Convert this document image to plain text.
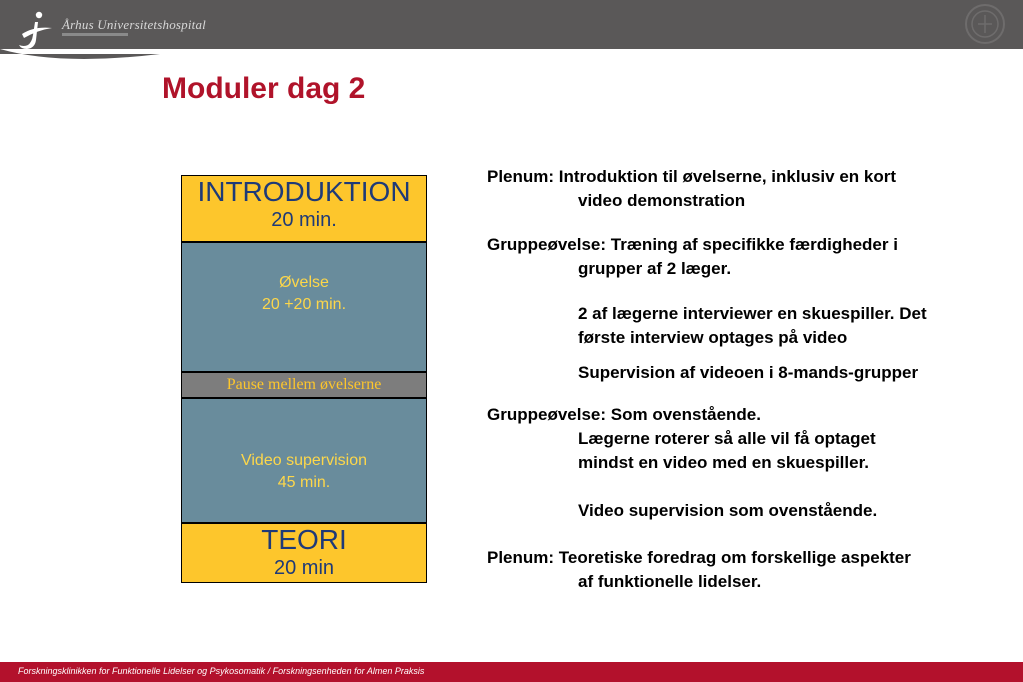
Århus Universitetshospital
Moduler dag 2
INTRODUKTION
20 min.
Øvelse
20 +20 min.
Pause mellem øvelserne
Video supervision
45 min.
TEORI
20 min
Plenum: Introduktion til øvelserne, inklusiv en kort
video demonstration
Gruppeøvelse: Træning af specifikke færdigheder i
grupper af 2 læger.
2 af lægerne interviewer en skuespiller. Det
første interview optages på video
Supervision af videoen i 8-mands-grupper
Gruppeøvelse: Som ovenstående.
Lægerne roterer så alle vil få optaget
mindst en video med en skuespiller.
Video supervision som ovenstående.
Plenum: Teoretiske foredrag om forskellige aspekter
af funktionelle lidelser.
Forskningsklinikken for Funktionelle Lidelser og Psykosomatik / Forskningsenheden for Almen Praksis
